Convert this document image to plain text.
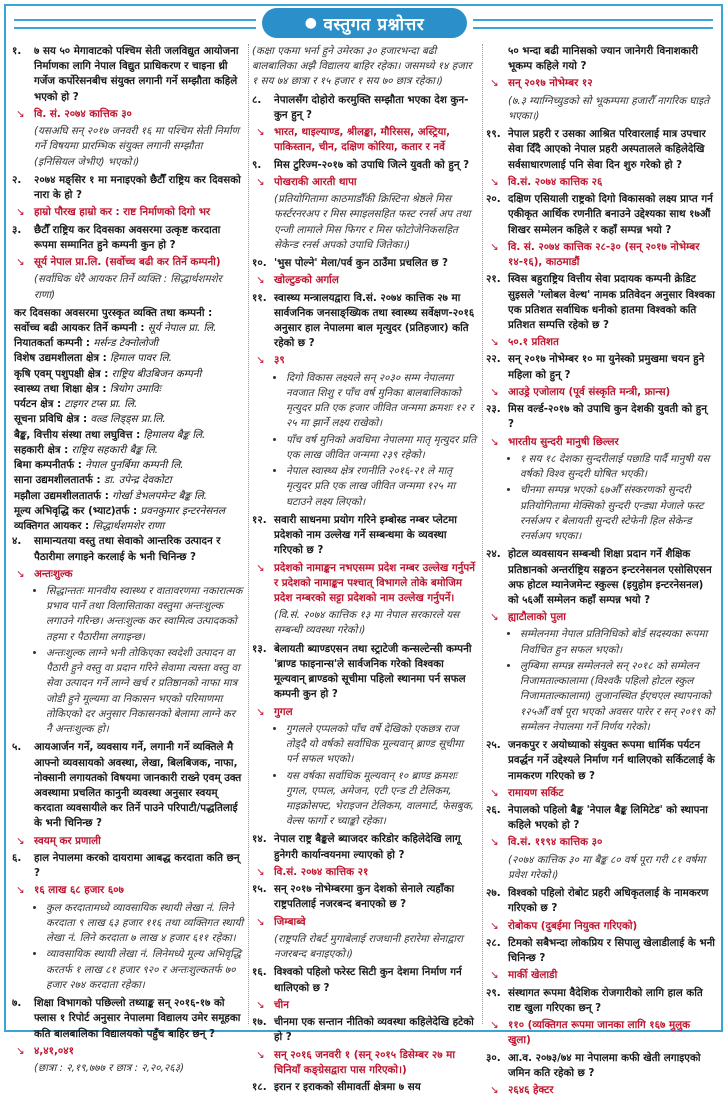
● वस्तुगत प्रश्नोत्तर
१.	७ सय ५० मेगावाटको पश्चिम सेती जलविद्युत आयोजना निर्माणका लागि नेपाल विद्युत प्राधिकरण र चाइना थ्री गर्जेज कर्पोरेसनबीच संयुक्त लगानी गर्ने सम्झौता कहिले भएको हो ?
↘ वि. सं. २०७४ कात्तिक ३०
(यसअघि सन् २०१७ जनवरी १६ मा पश्चिम सेती निर्माण गर्ने विषयमा प्रारम्भिक संयुक्त लगानी सम्झौता (इनिसियल जेभीए) भएको।)
२.	२०७४ मङ्सिर १ मा मनाइएको छैटौँ राष्ट्रिय कर दिवसको नारा के हो ?
↘ हाम्रो पौरख हाम्रो कर : राष्ट निर्माणको दिगो भर
३.	छैटौँ राष्ट्रिय कर दिवसका अवसरमा उत्कृष्ट करदाता रूपमा सम्मानित हुने कम्पनी कुन हो ?
↘ सूर्य नेपाल प्रा.लि. (सर्वोच्च बढी कर तिर्ने कम्पनी)
(सर्वाधिक धेरै आयकर तिर्ने व्यक्ति : सिद्धार्थशमशेर राणा)
कर दिवसका अवसरमा पुरस्कृत व्यक्ति तथा कम्पनी :
सर्वोच्च बढी आयकर तिर्ने कम्पनी : सूर्य नेपाल प्रा. लि.
नियातकर्ता कम्पनी : मर्सन्ड टेक्नोलोजी
विशेष उद्यमशीलता क्षेत्र : हिमाल पावर लि.
कृषि एवम् पशुपक्षी क्षेत्र : राष्ट्रिय बीउबिजन कम्पनी
स्वास्थ्य तथा शिक्षा क्षेत्र : त्रियोग उमाविः
पर्यटन क्षेत्र : टाइगर टप्स प्रा. लि.
सूचना प्रविधि क्षेत्र : वल्र्ड लिड्ड्स प्रा.लि.
बैङ्क, वित्तीय संस्था तथा लघुवित्त : हिमालय बैङ्क लि.
सहकारी क्षेत्र : राष्ट्रिय सहकारी बैङ्क लि.
बिमा कम्पनीतर्फ : नेपाल पुनर्बिमा कम्पनी लि.
साना उद्यमशीलतातर्फ : डा. उपेन्द्र देवकोटा
मझौला उद्यमशीलतातर्फ : गोर्खा डेभलपमेन्ट बैङ्क लि.
मूल्य अभिवृद्धि कर (भ्याट)तर्फ : प्रवनकुमार इन्टरनेसनल
व्यक्तिगत आयकर : सिद्धार्थशमशेर राणा
४.	सामान्यतया वस्तु तथा सेवाको आन्तरिक उत्पादन र पैठारीमा लगाइने करलाई के भनी चिनिन्छ ?
↘ अन्तःशुल्क
• सिद्धान्ततः मानवीय स्वास्थ्य र वातावरणमा नकारात्मक प्रभाव पार्ने तथा विलासिताका वस्तुमा अन्तःशुल्क लगाउने गरिन्छ। अन्तःशुल्क कर स्वामित्व उत्पादकको तहमा र पैठारीमा लगाइन्छ।
• अन्तःशुल्क लाग्ने भनी तोकिएका स्वदेशी उत्पादन वा पैठारी हुने वस्तु वा प्रदान गरिने सेवामा त्यस्ता वस्तु वा सेवा उत्पादन गर्ने लाग्ने खर्च र प्रतिष्ठानको नाफा मात्र जोडी हुने मूल्यमा वा निकासन भएको परिमाणमा तोकिएको दर अनुसार निकासनको बेलामा लाग्ने कर नै अन्तःशुल्क हो।
५.	आयआर्जन गर्ने, व्यवसाय गर्ने, लगानी गर्ने व्यक्तिले मै आफ्नो व्यवसायको अवस्था, लेखा, बिलबिजक, नाफा, नोक्सानी लगायतको विषयमा जानकारी राख्ने एवम् उक्त अवस्थामा प्रचलित कानुनी व्यवस्था अनुसार स्वयम् करदाता व्यवसायीले कर तिर्ने पाउने परिपाटी/पद्धतिलाई के भनी चिनिन्छ ?
↘ स्वयम् कर प्रणाली
६.	हाल नेपालमा करको दायरामा आबद्ध करदाता कति छन् ?
↘ १६ लाख ६८ हजार ६०७
• कुल करदातामध्ये व्यावसायिक स्थायी लेखा नं. लिने करदाता ९ लाख ६३ हजार ११६ तथा व्यक्तिगत स्थायी लेखा नं. लिने करदाता ७ लाख ४ हजार ६११ रहेका।
• व्यावसायिक स्थायी लेखा नं. लिनेमध्ये मूल्य अभिवृद्धि करतर्फ १ लाख ८१ हजार ९२० र अन्तःशुल्कतर्फ ७० हजार २७४ करदाता रहेका।
७.	शिक्षा विभागको पछिल्लो तथ्याङ्क सन् २०१६-१७ को फ्लास १ रिपोर्ट अनुसार नेपालमा विद्यालय उमेर समूहका कति बालबालिका विद्यालयको पहुँच बाहिर छन् ?
↘ ४,४१,०४१
(छात्रा : २,१९,७७७ र छात्र : २,२०,२६३)
(कक्षा एकमा भर्ना हुने उमेरका ३० हजारभन्दा बढी बालबालिका अझै विद्यालय बाहिर रहेका। जसमध्ये १४ हजार १ सय ७४ छात्रा र १५ हजार १ सय ७० छात्र रहेका।)
८.	नेपालसँग दोहोरो करमुक्ति सम्झौता भएका देश कुन-कुन हुन् ?
↘ भारत, थाइल्याण्ड, श्रीलङ्का, मौरिसस, अस्ट्रिया, पाकिस्तान, चीन, दक्षिण कोरिया, कतार र नर्वे
९.	मिस टुरिज्म-२०१७ को उपाधि जित्ने युवती को हुन् ?
↘ पोखराकी आरती थापा
(प्रतियोगितामा काठमाडौँकी क्रिस्टिना श्रेष्ठले मिस फर्स्टरनरअप र मिस स्माइलसहित फस्ट रनर्स अप तथा एन्जी लामाले मिस फिगर र मिस फोटोजेनिकसहित सेकेन्ड रनर्स अपको उपाधि जितेका।)
१०. 'भुस पोल्ने' मेला/पर्व कुन ठाउँमा प्रचलित छ ?
↘ खोल्टुङको अर्गाल
११. स्वास्थ्य मन्त्रालयद्वारा वि.सं. २०७४ कात्तिक २७ मा सार्वजनिक जनसाङ्ख्यिक तथा स्वास्थ्य सर्वेक्षण-२०१६ अनुसार हाल नेपालमा बाल मृत्युदर (प्रतिहजार) कति रहेको छ ?
↘ ३९
• दिगो विकास लक्ष्यले सन् २०३० सम्म नेपालमा नवजात शिशु र पाँच वर्ष मुनिका बालबालिकाको मृत्युदर प्रति एक हजार जीवित जन्ममा क्रमशः १२ र २५ मा झार्ने लक्ष्य राखेको।
• पाँच वर्ष मुनिको अवधिमा नेपालमा मातृ मृत्युदर प्रति एक लाख जीवित जन्ममा २३९ रहेको।
• नेपाल स्वास्थ्य क्षेत्र रणनीति २०१६-२१ ले मातृ मृत्युदर प्रति एक लाख जीवित जन्ममा १२५ मा घटाउने लक्ष्य लिएको।
१२. सवारी साधनमा प्रयोग गरिने इम्बोस्ड नम्बर प्लेटमा प्रदेशको नाम उल्लेख गर्ने सम्बन्धमा के व्यवस्था गरिएको छ ?
↘ प्रदेशको नामाङ्कन नभएसम्म प्रदेश नम्बर उल्लेख गर्नुपर्ने र प्रदेशको नामाङ्कन पश्चात् विभागले तोके बमोजिम प्रदेश नम्बरको सट्टा प्रदेशको नाम उल्लेख गर्नुपर्ने।
(वि.सं. २०७४ कात्तिक १३ मा नेपाल सरकारले यस सम्बन्धी व्यवस्था गरेको।)
१३. बेलायती ब्याण्डएसन तथा स्ट्राटेजी कन्सल्टेन्सी कम्पनी 'ब्राण्ड फाइनान्स'ले सार्वजनिक गरेको विश्वका मूल्यवान् ब्राण्डको सूचीमा पहिलो स्थानमा पर्न सफल कम्पनी कुन हो ?
↘ गुगल
• गुगलले एप्पलको पाँच वर्षे देखिको एकछत्र राज तोड्दै यो वर्षको सर्वाधिक मूल्यवान् ब्राण्ड सूचीमा पर्न सफल भएको।
• यस वर्षका सर्वाधिक मूल्यवान् १० ब्राण्ड क्रमशः गुगल, एप्पल, अमेजन, एटी एन्ड टी टेलिकम, माइक्रोसफ्ट, भेराइजन टेलिकम, वालमार्ट, फेसबुक, वेल्स फार्गो र च्याङ्को रहेका।
१४. नेपाल राष्ट्र बैङ्कले ब्याजदर करिडोर कहिलेदेखि लागू हुनेगरी कार्यान्वयनमा ल्याएको हो ?
↘ वि.सं. २०७४ कात्तिक २१
१५. सन् २०१७ नोभेम्बरमा कुन देशको सेनाले त्यहाँका राष्ट्रपतिलाई नजरबन्द बनाएको छ ?
↘ जिम्बाब्वे
(राष्ट्रपति रोबर्ट मुगाबेलाई राजधानी हरारेमा सेनाद्वारा नजरबन्द बनाइएको।)
१६. विश्वको पहिलो फरेस्ट सिटी कुन देशमा निर्माण गर्न थालिएको छ ?
↘ चीन
१७. चीनमा एक सन्तान नीतिको व्यवस्था कहिलेदेखि हटेको हो ?
↘ सन् २०१६ जनवरी १ (सन् २०१५ डिसेम्बर २७ मा चिनियाँ कङ्ग्रेसद्वारा पास गरिएको।)
१८. इरान र इराकको सीमावर्ती क्षेत्रमा ७ सय
५० भन्दा बढी मानिसको ज्यान जानेगरी विनाशकारी भूकम्प कहिले गयो ?
↘ सन् २०१७ नोभेम्बर १२
(७.३ म्याग्निच्युडको सो भूकम्पमा हजारौँ नागरिक घाइते भएका।)
१९. नेपाल प्रहरी र उसका आश्रित परिवारलाई मात्र उपचार सेवा दिँदै आएको नेपाल प्रहरी अस्पतालले कहिलेदेखि सर्वसाधारणलाई पनि सेवा दिन शुरु गरेको हो ?
↘ वि.सं. २०७४ कात्तिक २६
२०. दक्षिण एसियाली राष्ट्रको दिगो विकासको लक्ष्य प्राप्त गर्न एकीकृत आर्थिक रणनीति बनाउने उद्देश्यका साथ १७औं शिखर सम्मेलन कहिले र कहाँ सम्पन्न भयो ?
↘ वि. सं. २०७४ कात्तिक २८-३० (सन् २०१७ नोभेम्बर १४-१६), काठमाडौं
२१. स्विस बहुराष्ट्रिय वित्तीय सेवा प्रदायक कम्पनी क्रेडिट सुइसले 'ग्लोबल वेल्थ' नामक प्रतिवेदन अनुसार विश्वका एक प्रतिशत सर्वाधिक धनीको हातमा विश्वको कति प्रतिशत सम्पत्ति रहेको छ ?
↘ ५०.१ प्रतिशत
२२. सन् २०१७ नोभेम्बर १० मा युनेस्कोे प्रमुखमा चयन हुने महिला को हुन् ?
↘ आउड्रे एजोलाय (पूर्व संस्कृति मन्त्री, फ्रान्स)
२३. मिस वर्ल्ड-२०१७ को उपाधि कुन देशकी युवती को हुन् ?
↘ भारतीय सुन्दरी मानुषी छिल्लर
• १ सय १८ देशका सुन्दरीलाई पछाडि पार्दै मानुषी यस वर्षको विश्व सुन्दरी घोषित भएकी।
• चीनमा सम्पन्न भएको ६७औँ संस्करणको सुन्दरी प्रतियोगितामा मेक्सिको सुन्दरी एन्ड्या मेजाले फस्ट रनर्सअप र बेलायती सुन्दरी स्टेफेनी हिल सेकेन्ड रनर्सअप भएका।
२४. होटल व्यवसायन सम्बन्धी शिक्षा प्रदान गर्ने शैक्षिक प्रतिष्ठानको अन्तर्राष्ट्रिय सङ्गठन इन्टरनेसनल एसोसिएसन अफ होटल म्यानेजमेन्ट स्कुल्स (इयुहोम इन्टरनेसनल) को ५६औं सम्मेलन कहाँ सम्पन्न भयो ?
↘ ह्याटौलाको पुला
• सम्मेलनमा नेपाल प्रतिनिधिको बोर्ड सदस्यका रूपमा निर्वाचित हुन सफल भएको।
• लुम्बिमा सम्पन्न सम्मेलनले सन् २०१८ को सम्मेलन निजामताल्कालामा (विश्वकै पहिलो होटल स्कुल निजामताल्कालामा) लुजानस्थित ईएचएल स्थापनाको १२५औँ वर्ष पूरा भएको अवसर पारेर र सन् २०१९ को सम्मेलन नेपालमा गर्ने निर्णय गरेको।
२५. जनकपुर र अयोध्याको संयुक्त रूपमा धार्मिक पर्यटन प्रवर्द्धन गर्ने उद्देश्यले निर्माण गर्न थालिएको सर्किटलाई के नामकरण गरिएको छ ?
↘ रामायण सर्किट
२६. नेपालको पहिलो बैङ्क 'नेपाल बैङ्क लिमिटेड' को स्थापना कहिले भएको हो ?
↘ वि.सं. ११९४ कात्तिक ३०
(२०७४ कात्तिक ३० मा बैङ्क ८० वर्ष पूरा गरी ८१ वर्षमा प्रवेश गरेको।)
२७. विश्वको पहिलो रोबोट प्रहरी अधिकृतलाई के नामकरण गरिएको छ ?
↘ रोबोकप (दुबईमा नियुक्त गरिएको)
२८. टिमको सबैभन्दा लोकप्रिय र सिपालु खेलाडीलाई के भनी चिनिन्छ ?
↘ मार्की खेलाडी
२९. संस्थागत रूपमा वैदेशिक रोजगारीको लागि हाल कति राष्ट खुला गरिएका छन् ?
↘ ११० (व्यक्तिगत रूपमा जानका लागि १६७ मुलुक खुला)
३०. आ.व. २०७३/७४ मा नेपालमा कफी खेती लगाइएको जमिन कति रहेको छ ?
↘ २६४६ हेक्टर
